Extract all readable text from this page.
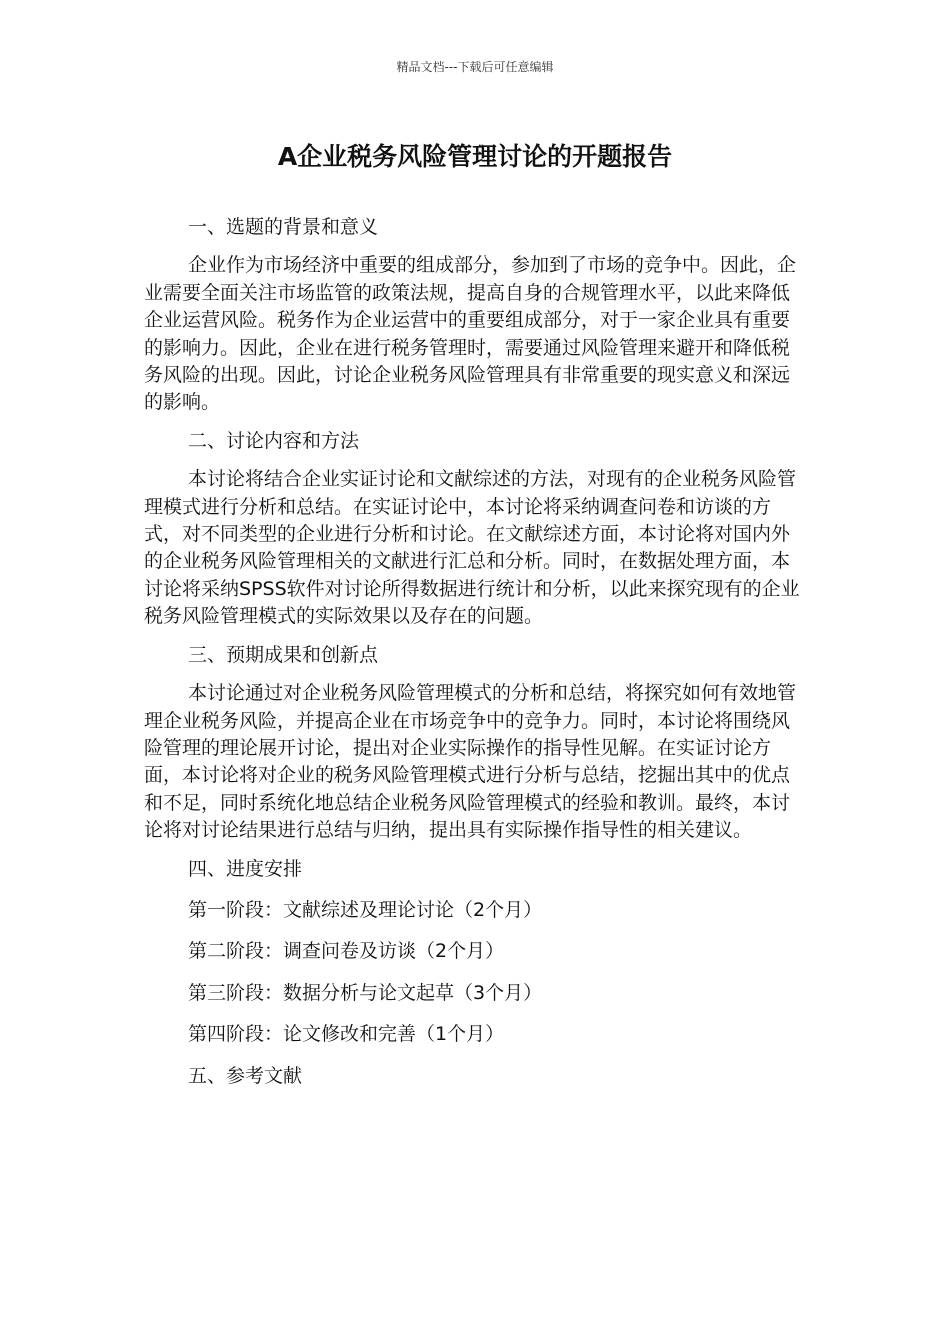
精品文档---下载后可任意编辑
A企业税务风险管理讨论的开题报告
一、选题的背景和意义
企业作为市场经济中重要的组成部分，参加到了市场的竞争中。因此，企业需要全面关注市场监管的政策法规，提高自身的合规管理水平，以此来降低企业运营风险。税务作为企业运营中的重要组成部分，对于一家企业具有重要的影响力。因此，企业在进行税务管理时，需要通过风险管理来避开和降低税务风险的出现。因此，讨论企业税务风险管理具有非常重要的现实意义和深远的影响。
二、讨论内容和方法
本讨论将结合企业实证讨论和文献综述的方法，对现有的企业税务风险管理模式进行分析和总结。在实证讨论中，本讨论将采纳调查问卷和访谈的方式，对不同类型的企业进行分析和讨论。在文献综述方面，本讨论将对国内外的企业税务风险管理相关的文献进行汇总和分析。同时，在数据处理方面，本讨论将采纳SPSS软件对讨论所得数据进行统计和分析，以此来探究现有的企业税务风险管理模式的实际效果以及存在的问题。
三、预期成果和创新点
本讨论通过对企业税务风险管理模式的分析和总结，将探究如何有效地管理企业税务风险，并提高企业在市场竞争中的竞争力。同时，本讨论将围绕风险管理的理论展开讨论，提出对企业实际操作的指导性见解。在实证讨论方面，本讨论将对企业的税务风险管理模式进行分析与总结，挖掘出其中的优点和不足，同时系统化地总结企业税务风险管理模式的经验和教训。最终，本讨论将对讨论结果进行总结与归纳，提出具有实际操作指导性的相关建议。
四、进度安排
第一阶段：文献综述及理论讨论（2个月）
第二阶段：调查问卷及访谈（2个月）
第三阶段：数据分析与论文起草（3个月）
第四阶段：论文修改和完善（1个月）
五、参考文献
